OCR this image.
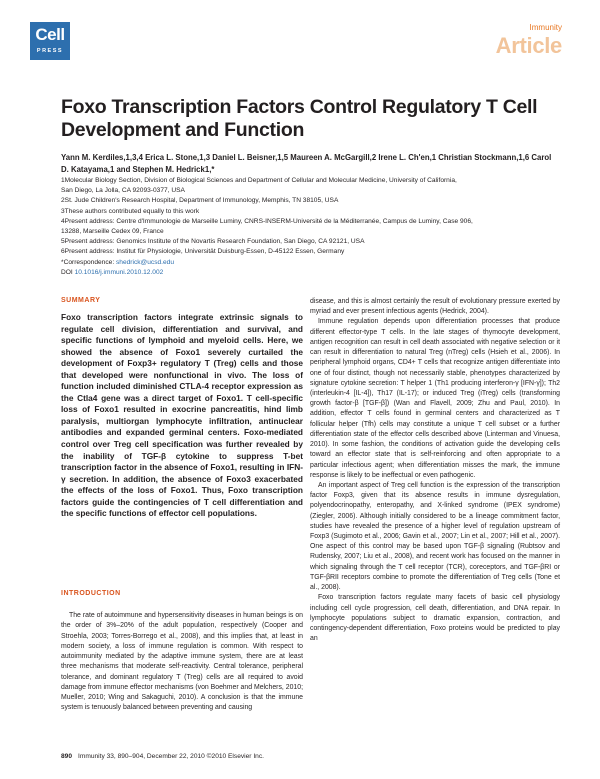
Cell
PRESS
Immunity
Article
Foxo Transcription Factors Control Regulatory T Cell Development and Function
Yann M. Kerdiles,1,3,4 Erica L. Stone,1,3 Daniel L. Beisner,1,5 Maureen A. McGargill,2 Irene L. Ch'en,1 Christian Stockmann,1,6 Carol D. Katayama,1 and Stephen M. Hedrick1,*
1Molecular Biology Section, Division of Biological Sciences and Department of Cellular and Molecular Medicine, University of California,
San Diego, La Jolla, CA 92093-0377, USA
2St. Jude Children's Research Hospital, Department of Immunology, Memphis, TN 38105, USA
3These authors contributed equally to this work
4Present address: Centre d'Immunologie de Marseille Luminy, CNRS-INSERM-Université de la Méditerranée, Campus de Luminy, Case 906,
13288, Marseille Cedex 09, France
5Present address: Genomics Institute of the Novartis Research Foundation, San Diego, CA 92121, USA
6Present address: Institut für Physiologie, Universität Duisburg-Essen, D-45122 Essen, Germany
*Correspondence: shedrick@ucsd.edu
DOI 10.1016/j.immuni.2010.12.002
SUMMARY

Foxo transcription factors integrate extrinsic signals to regulate cell division, differentiation and survival, and specific functions of lymphoid and myeloid cells. Here, we showed the absence of Foxo1 severely curtailed the development of Foxp3+ regulatory T (Treg) cells and those that developed were nonfunctional in vivo. The loss of function included diminished CTLA-4 receptor expression as the Ctla4 gene was a direct target of Foxo1. T cell-specific loss of Foxo1 resulted in exocrine pancreatitis, hind limb paralysis, multiorgan lymphocyte infiltration, antinuclear antibodies and expanded germinal centers. Foxo-mediated control over Treg cell specification was further revealed by the inability of TGF-β cytokine to suppress T-bet transcription factor in the absence of Foxo1, resulting in IFN-γ secretion. In addition, the absence of Foxo3 exacerbated the effects of the loss of Foxo1. Thus, Foxo transcription factors guide the contingencies of T cell differentiation and the specific functions of effector cell populations.

INTRODUCTION

The rate of autoimmune and hypersensitivity diseases in human beings is on the order of 3%–20% of the adult population, respectively (Cooper and Stroehla, 2003; Torres-Borrego et al., 2008), and this implies that, at least in modern society, a loss of immune regulation is common. With respect to autoimmunity mediated by the adaptive immune system, there are at least three mechanisms that moderate self-reactivity. Central tolerance, peripheral tolerance, and dominant regulatory T (Treg) cells are all required to avoid damage from immune effector mechanisms (von Boehmer and Melchers, 2010; Mueller, 2010; Wing and Sakaguchi, 2010). A conclusion is that the immune system is tenuously balanced between preventing and causing

disease, and this is almost certainly the result of evolutionary pressure exerted by myriad and ever present infectious agents (Hedrick, 2004).

Immune regulation depends upon differentiation processes that produce different effector-type T cells. In the late stages of thymocyte development, antigen recognition can result in cell death associated with negative selection or it can result in differentiation to natural Treg (nTreg) cells (Hsieh et al., 2006). In peripheral lymphoid organs, CD4+ T cells that recognize antigen differentiate into one of four distinct, though not necessarily stable, phenotypes characterized by signature cytokine secretion: T helper 1 (Th1 producing interferon-γ [IFN-γ]); Th2 (interleukin-4 [IL-4]), Th17 (IL-17); or induced Treg (iTreg) cells (transforming growth factor-β [TGF-β]) (Wan and Flavell, 2009; Zhu and Paul, 2010). In addition, effector T cells found in germinal centers and characterized as T follicular helper (Tfh) cells may constitute a unique T cell subset or a further differentiation state of the effector cells described above (Linterman and Vinuesa, 2010). In some fashion, the conditions of activation guide the developing cells toward an effector state that is self-reinforcing and often appropriate to a particular infectious agent; when differentiation misses the mark, the immune response is likely to be ineffectual or even pathogenic.

An important aspect of Treg cell function is the expression of the transcription factor Foxp3, given that its absence results in immune dysregulation, polyendocrinopathy, enteropathy, and X-linked syndrome (IPEX syndrome) (Ziegler, 2006). Although initially considered to be a lineage commitment factor, studies have revealed the presence of a higher level of regulation upstream of Foxp3 (Sugimoto et al., 2006; Gavin et al., 2007; Lin et al., 2007; Hill et al., 2007). One aspect of this control may be based upon TGF-β signaling (Rubtsov and Rudensky, 2007; Liu et al., 2008), and recent work has focused on the manner in which signaling through the T cell receptor (TCR), coreceptors, and TGF-βRI or TGF-βRII receptors combine to promote the differentiation of Treg cells (Tone et al., 2008).

Foxo transcription factors regulate many facets of basic cell physiology including cell cycle progression, cell death, differentiation, and DNA repair. In lymphocyte populations subject to dramatic expansion, contraction, and contingency-dependent differentiation, Foxo proteins would be predicted to play an

890 Immunity 33, 890–904, December 22, 2010 ©2010 Elsevier Inc.
